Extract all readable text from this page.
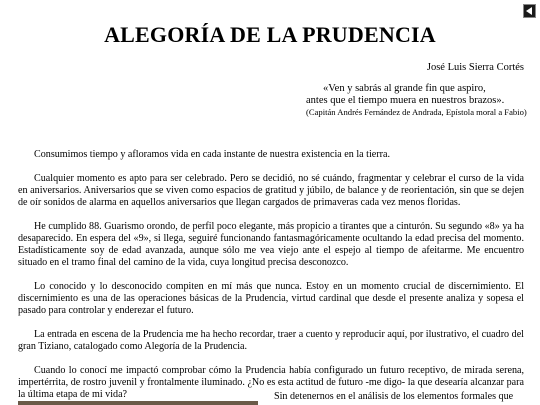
ALEGORÍA DE LA PRUDENCIA
José Luis Sierra Cortés
«Ven y sabrás al grande fin que aspiro,
antes que el tiempo muera en nuestros brazos».
(Capitán Andrés Fernández de Andrada, Epístola moral a Fabio)

Consumimos tiempo y afloramos vida en cada instante de nuestra existencia en la tierra.

Cualquier momento es apto para ser celebrado. Pero se decidió, no sé cuándo, fragmentar y celebrar el curso de la vida en aniversarios. Aniversarios que se viven como espacios de gratitud y júbilo, de balance y de reorientación, sin que se dejen de oír sonidos de alarma en aquellos aniversarios que llegan cargados de primaveras cada vez menos floridas.

He cumplido 88. Guarismo orondo, de perfil poco elegante, más propicio a tirantes que a cinturón. Su segundo «8» ya ha desaparecido. En espera del «9», si llega, seguiré funcionando fantasmagóricamente ocultando la edad precisa del momento. Estadísticamente soy de edad avanzada, aunque sólo me vea viejo ante el espejo al tiempo de afeitarme. Me encuentro situado en el tramo final del camino de la vida, cuya longitud precisa desconozco.

Lo conocido y lo desconocido compiten en mí más que nunca. Estoy en un momento crucial de discernimiento. El discernimiento es una de las operaciones básicas de la Prudencia, virtud cardinal que desde el presente analiza y sopesa el pasado para controlar y enderezar el futuro.

La entrada en escena de la Prudencia me ha hecho recordar, traer a cuento y reproducir aquí, por ilustrativo, el cuadro del gran Tiziano, catalogado como Alegoría de la Prudencia.

Cuando lo conocí me impactó comprobar cómo la Prudencia había configurado un futuro receptivo, de mirada serena, impertérrita, de rostro juvenil y frontalmente iluminado. ¿No es esta actitud de futuro -me digo- la que desearía alcanzar para la última etapa de mi vida?	Sin detenernos en el análisis de los elementos formales que
